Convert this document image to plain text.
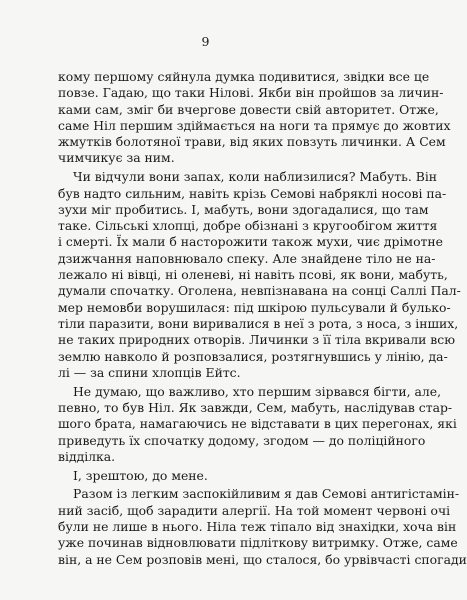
9
кому першому сяйнула думка подивитися, звідки все це
повзе. Гадаю, що таки Нілові. Якби він пройшов за личин-
ками сам, зміг би вчергове довести свій авторитет. Отже,
саме Ніл першим здіймається на ноги та прямує до жовтих
жмутків болотяної трави, від яких повзуть личинки. А Сем
чимчикує за ним.
Чи відчули вони запах, коли наблизилися? Мабуть. Він
був надто сильним, навіть крізь Семові набряклі носові па-
зухи міг пробитись. І, мабуть, вони здогадалися, що там
таке. Сільські хлопці, добре обізнані з кругообігом життя
і смерті. Їх мали б насторожити також мухи, чиє дрімотне
дзижчання наповнювало спеку. Але знайдене тіло не на-
лежало ні вівці, ні оленеві, ні навіть псові, як вони, мабуть,
думали спочатку. Оголена, невпізнавана на сонці Саллі Пал-
мер немовби ворушилася: під шкірою пульсували й булько-
тіли паразити, вони виривалися в неї з рота, з носа, з інших,
не таких природних отворів. Личинки з її тіла вкривали всю
землю навколо й розповзалися, розтягнувшись у лінію, да-
лі — за спини хлопців Ейтс.
Не думаю, що важливо, хто першим зірвався бігти, але,
певно, то був Ніл. Як завжди, Сем, мабуть, наслідував стар-
шого брата, намагаючись не відставати в цих перегонах, які
приведуть їх спочатку додому, згодом — до поліційного
відділка.
І, зрештою, до мене.
Разом із легким заспокійливим я дав Семові антигістамін-
ний засіб, щоб зарадити алергії. На той момент червоні очі
були не лише в нього. Ніла теж тіпало від знахідки, хоча він
уже починав відновлювати підліткову витримку. Отже, саме
він, а не Сем розповів мені, що сталося, бо урвівчасті спогади
